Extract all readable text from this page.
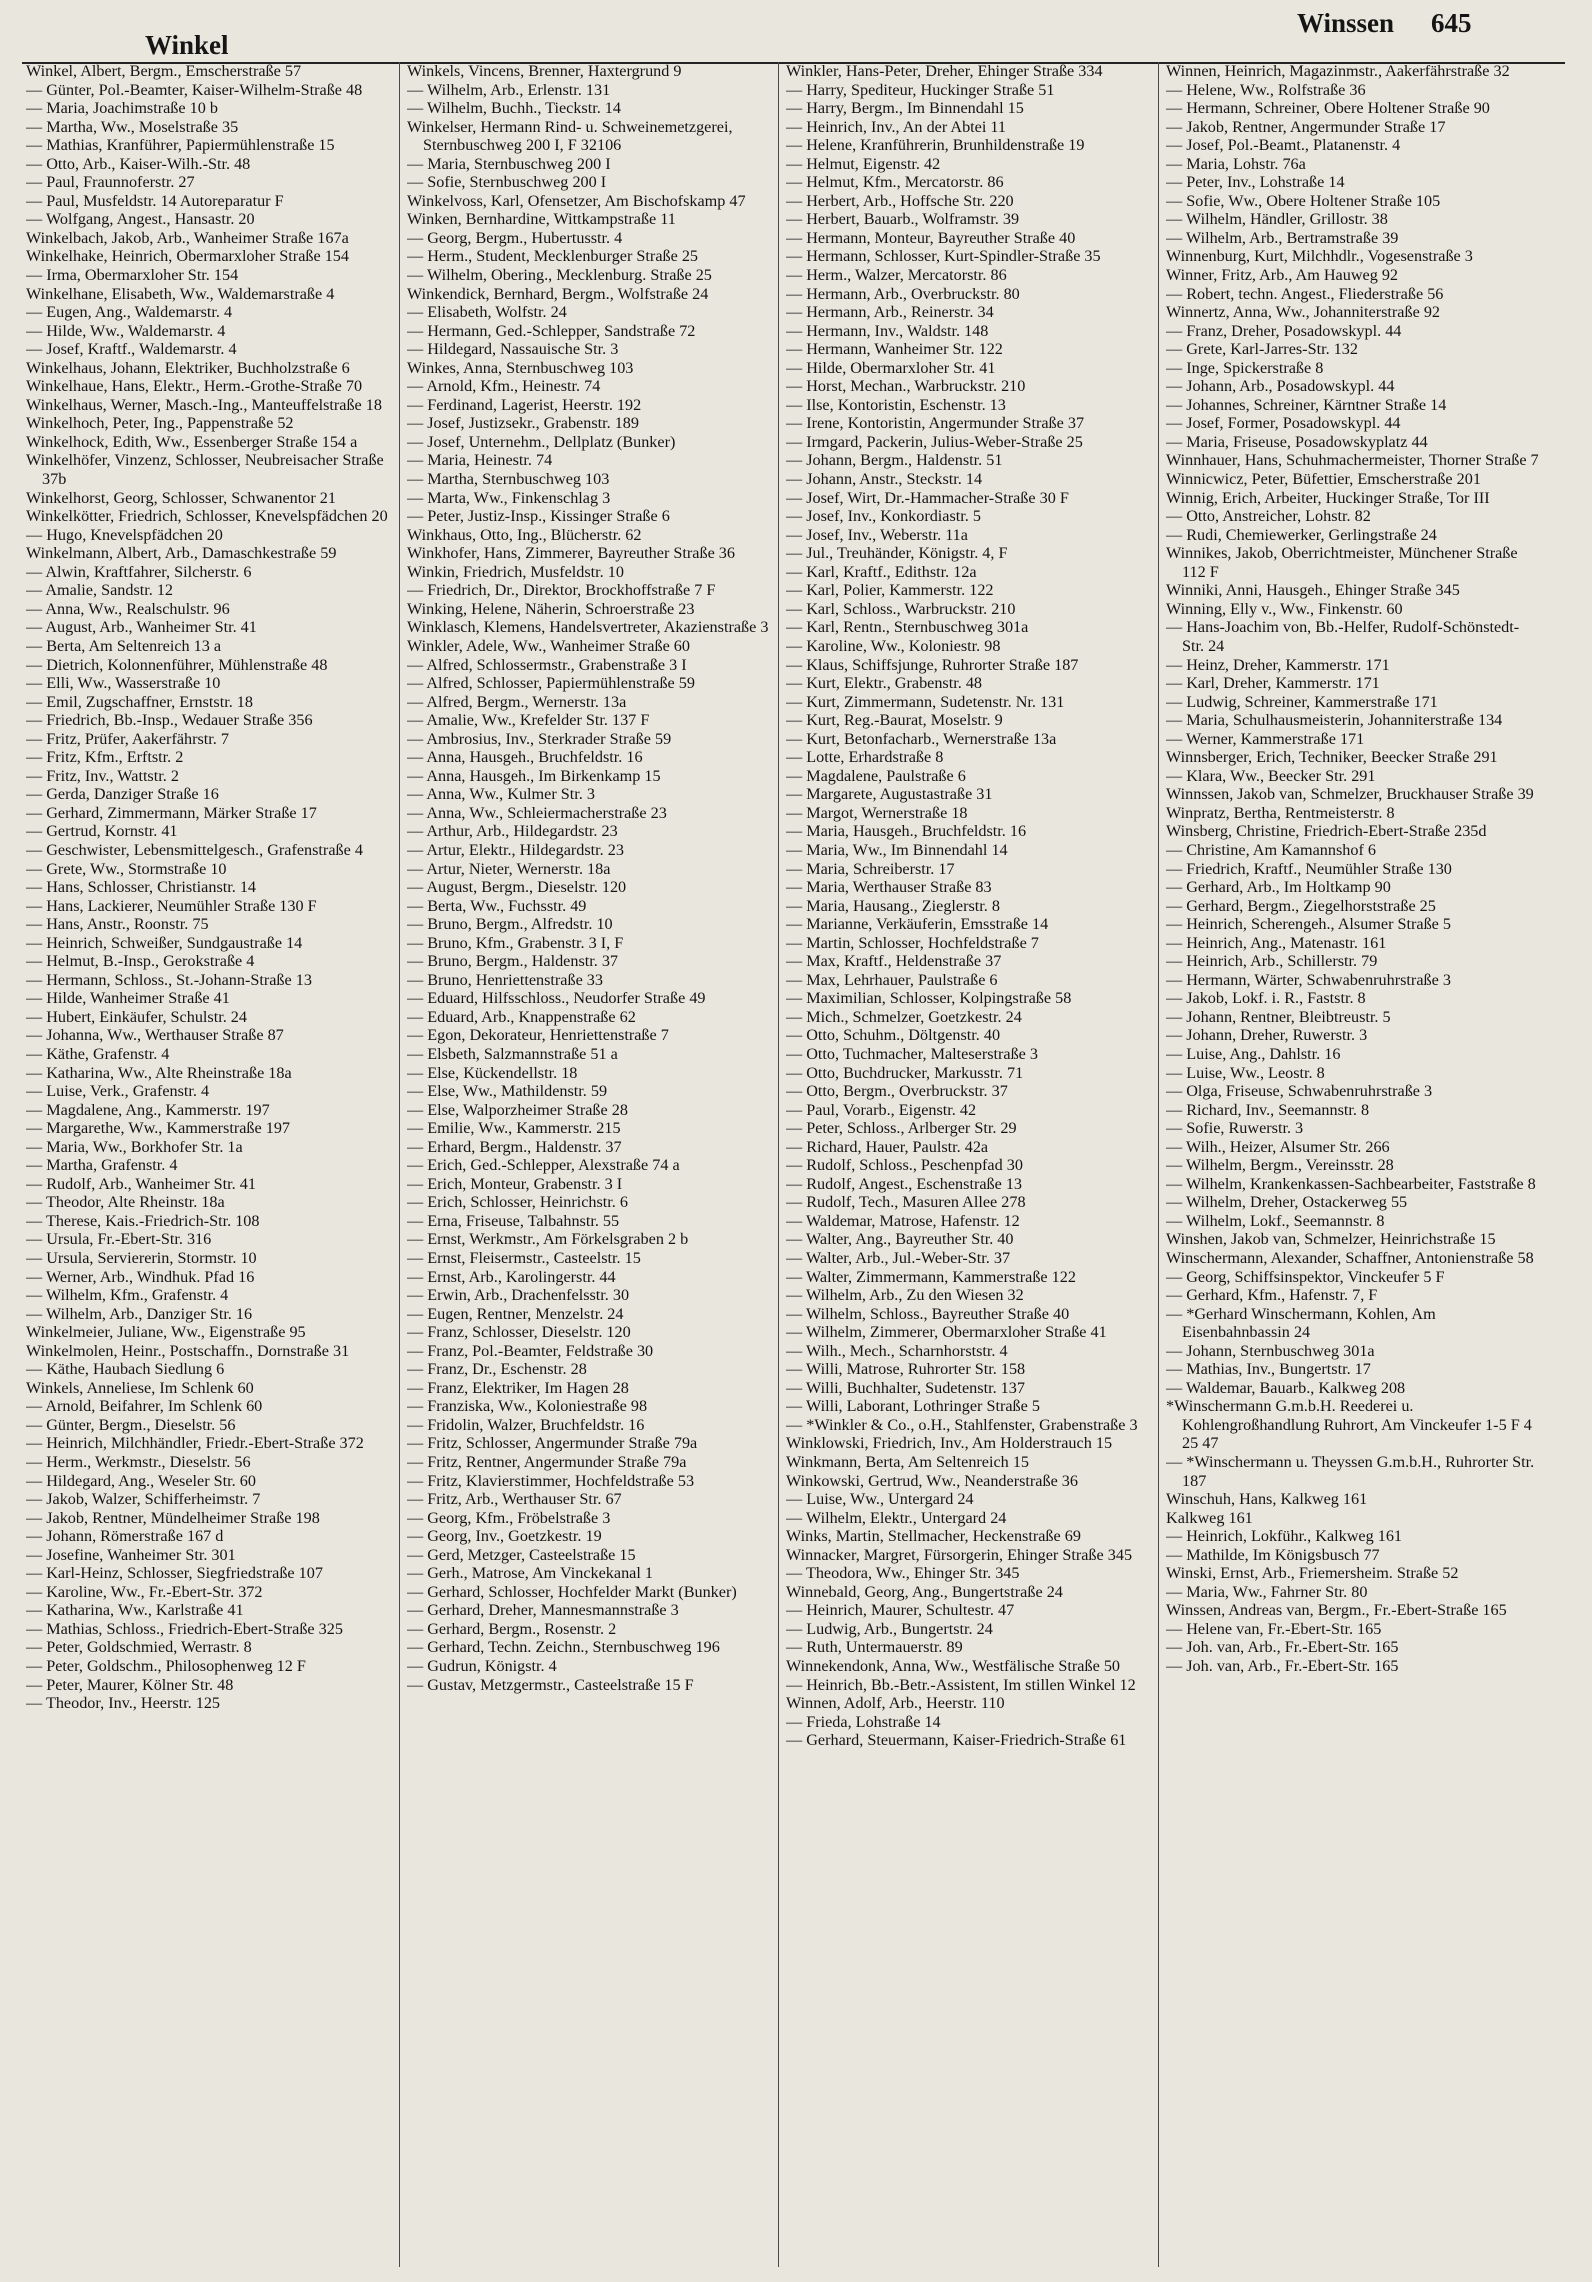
Winkel
Winssen 645

Winkel, Albert, Bergm., Emscherstraße 57

— Günter, Pol.-Beamter, Kaiser-Wilhelm-Straße 48

— Maria, Joachimstraße 10 b

— Martha, Ww., Moselstraße 35

— Mathias, Kranführer, Papiermühlenstraße 15

— Otto, Arb., Kaiser-Wilh.-Str. 48

— Paul, Fraunnoferstr. 27

— Paul, Musfeldstr. 14 Autoreparatur F

— Wolfgang, Angest., Hansastr. 20

Winkelbach, Jakob, Arb., Wanheimer Straße 167a

Winkelhake, Heinrich, Obermarxloher Straße 154

— Irma, Obermarxloher Str. 154

Winkelhane, Elisabeth, Ww., Waldemarstraße 4

— Eugen, Ang., Waldemarstr. 4

— Hilde, Ww., Waldemarstr. 4

— Josef, Kraftf., Waldemarstr. 4

Winkelhaus, Johann, Elektriker, Buchholzstraße 6

Winkelhaue, Hans, Elektr., Herm.-Grothe-Straße 70

Winkelhaus, Werner, Masch.-Ing., Manteuffelstraße 18

Winkelhoch, Peter, Ing., Pappenstraße 52

Winkelhock, Edith, Ww., Essenberger Straße 154 a

Winkelhöfer, Vinzenz, Schlosser, Neubreisacher Straße 37b

Winkelhorst, Georg, Schlosser, Schwanentor 21

Winkelkötter, Friedrich, Schlosser, Knevelspfädchen 20

— Hugo, Knevelspfädchen 20

Winkelmann, Albert, Arb., Damaschkestraße 59

— Alwin, Kraftfahrer, Silcherstr. 6

— Amalie, Sandstr. 12

— Anna, Ww., Realschulstr. 96

— August, Arb., Wanheimer Str. 41

— Berta, Am Seltenreich 13 a

— Dietrich, Kolonnenführer, Mühlenstraße 48

— Elli, Ww., Wasserstraße 10

— Emil, Zugschaffner, Ernststr. 18

— Friedrich, Bb.-Insp., Wedauer Straße 356

— Fritz, Prüfer, Aakerfährstr. 7

— Fritz, Kfm., Erftstr. 2

— Fritz, Inv., Wattstr. 2

— Gerda, Danziger Straße 16

— Gerhard, Zimmermann, Märker Straße 17

— Gertrud, Kornstr. 41

— Geschwister, Lebensmittelgesch., Grafenstraße 4

— Grete, Ww., Stormstraße 10

— Hans, Schlosser, Christianstr. 14

— Hans, Lackierer, Neumühler Straße 130 F

— Hans, Anstr., Roonstr. 75

— Heinrich, Schweißer, Sundgaustraße 14

— Helmut, B.-Insp., Gerokstraße 4

— Hermann, Schloss., St.-Johann-Straße 13

— Hilde, Wanheimer Straße 41

— Hubert, Einkäufer, Schulstr. 24

— Johanna, Ww., Werthauser Straße 87

— Käthe, Grafenstr. 4

— Katharina, Ww., Alte Rheinstraße 18a

— Luise, Verk., Grafenstr. 4

— Magdalene, Ang., Kammerstr. 197

— Margarethe, Ww., Kammerstraße 197

— Maria, Ww., Borkhofer Str. 1a

— Martha, Grafenstr. 4

— Rudolf, Arb., Wanheimer Str. 41

— Theodor, Alte Rheinstr. 18a

— Therese, Kais.-Friedrich-Str. 108

— Ursula, Fr.-Ebert-Str. 316

— Ursula, Serviererin, Stormstr. 10

— Werner, Arb., Windhuk. Pfad 16

— Wilhelm, Kfm., Grafenstr. 4

— Wilhelm, Arb., Danziger Str. 16

Winkelmeier, Juliane, Ww., Eigenstraße 95

Winkelmolen, Heinr., Postschaffn., Dornstraße 31

— Käthe, Haubach Siedlung 6

Winkels, Anneliese, Im Schlenk 60

— Arnold, Beifahrer, Im Schlenk 60

— Günter, Bergm., Dieselstr. 56

— Heinrich, Milchhändler, Friedr.-Ebert-Straße 372

— Herm., Werkmstr., Dieselstr. 56

— Hildegard, Ang., Weseler Str. 60

— Jakob, Walzer, Schifferheimstr. 7

— Jakob, Rentner, Mündelheimer Straße 198

— Johann, Römerstraße 167 d

— Josefine, Wanheimer Str. 301

— Karl-Heinz, Schlosser, Siegfriedstraße 107

— Karoline, Ww., Fr.-Ebert-Str. 372

— Katharina, Ww., Karlstraße 41

— Mathias, Schloss., Friedrich-Ebert-Straße 325

— Peter, Goldschmied, Werrastr. 8

— Peter, Goldschm., Philosophenweg 12 F

— Peter, Maurer, Kölner Str. 48

— Theodor, Inv., Heerstr. 125

Winkels, Vincens, Brenner, Haxtergrund 9

— Wilhelm, Arb., Erlenstr. 131

— Wilhelm, Buchh., Tieckstr. 14

Winkelser, Hermann Rind- u. Schweinemetzgerei, Sternbuschweg 200 I, F 32106

— Maria, Sternbuschweg 200 I

— Sofie, Sternbuschweg 200 I

Winkelvoss, Karl, Ofensetzer, Am Bischofskamp 47

Winken, Bernhardine, Wittkampstraße 11

— Georg, Bergm., Hubertusstr. 4

— Herm., Student, Mecklenburger Straße 25

— Wilhelm, Obering., Mecklenburg. Straße 25

Winkendick, Bernhard, Bergm., Wolfstraße 24

— Elisabeth, Wolfstr. 24

— Hermann, Ged.-Schlepper, Sandstraße 72

— Hildegard, Nassauische Str. 3

Winkes, Anna, Sternbuschweg 103

— Arnold, Kfm., Heinestr. 74

— Ferdinand, Lagerist, Heerstr. 192

— Josef, Justizsekr., Grabenstr. 189

— Josef, Unternehm., Dellplatz (Bunker)

— Maria, Heinestr. 74

— Martha, Sternbuschweg 103

— Marta, Ww., Finkenschlag 3

— Peter, Justiz-Insp., Kissinger Straße 6

Winkhaus, Otto, Ing., Blücherstr. 62

Winkhofer, Hans, Zimmerer, Bayreuther Straße 36

Winkin, Friedrich, Musfeldstr. 10

— Friedrich, Dr., Direktor, Brockhoffstraße 7 F

Winking, Helene, Näherin, Schroerstraße 23

Winklasch, Klemens, Handelsvertreter, Akazienstraße 3

Winkler, Adele, Ww., Wanheimer Straße 60

— Alfred, Schlossermstr., Grabenstraße 3 I

— Alfred, Schlosser, Papiermühlenstraße 59

— Alfred, Bergm., Wernerstr. 13a

— Amalie, Ww., Krefelder Str. 137 F

— Ambrosius, Inv., Sterkrader Straße 59

— Anna, Hausgeh., Bruchfeldstr. 16

— Anna, Hausgeh., Im Birkenkamp 15

— Anna, Ww., Kulmer Str. 3

— Anna, Ww., Schleiermacherstraße 23

— Arthur, Arb., Hildegardstr. 23

— Artur, Elektr., Hildegardstr. 23

— Artur, Nieter, Wernerstr. 18a

— August, Bergm., Dieselstr. 120

— Berta, Ww., Fuchsstr. 49

— Bruno, Bergm., Alfredstr. 10

— Bruno, Kfm., Grabenstr. 3 I, F

— Bruno, Bergm., Haldenstr. 37

— Bruno, Henriettenstraße 33

— Eduard, Hilfsschloss., Neudorfer Straße 49

— Eduard, Arb., Knappenstraße 62

— Egon, Dekorateur, Henriettenstraße 7

— Elsbeth, Salzmannstraße 51 a

— Else, Kückendellstr. 18

— Else, Ww., Mathildenstr. 59

— Else, Walporzheimer Straße 28

— Emilie, Ww., Kammerstr. 215

— Erhard, Bergm., Haldenstr. 37

— Erich, Ged.-Schlepper, Alexstraße 74 a

— Erich, Monteur, Grabenstr. 3 I

— Erich, Schlosser, Heinrichstr. 6

— Erna, Friseuse, Talbahnstr. 55

— Ernst, Werkmstr., Am Förkelsgraben 2 b

— Ernst, Fleisermstr., Casteelstr. 15

— Ernst, Arb., Karolingerstr. 44

— Erwin, Arb., Drachenfelsstr. 30

— Eugen, Rentner, Menzelstr. 24

— Franz, Schlosser, Dieselstr. 120

— Franz, Pol.-Beamter, Feldstraße 30

— Franz, Dr., Eschenstr. 28

— Franz, Elektriker, Im Hagen 28

— Franziska, Ww., Koloniestraße 98

— Fridolin, Walzer, Bruchfeldstr. 16

— Fritz, Schlosser, Angermunder Straße 79a

— Fritz, Rentner, Angermunder Straße 79a

— Fritz, Klavierstimmer, Hochfeldstraße 53

— Fritz, Arb., Werthauser Str. 67

— Georg, Kfm., Fröbelstraße 3

— Georg, Inv., Goetzkestr. 19

— Gerd, Metzger, Casteelstraße 15

— Gerh., Matrose, Am Vinckekanal 1

— Gerhard, Schlosser, Hochfelder Markt (Bunker)

— Gerhard, Dreher, Mannesmannstraße 3

— Gerhard, Bergm., Rosenstr. 2

— Gerhard, Techn. Zeichn., Sternbuschweg 196

— Gudrun, Königstr. 4

— Gustav, Metzgermstr., Casteelstraße 15 F

Winkler, Hans-Peter, Dreher, Ehinger Straße 334

— Harry, Spediteur, Huckinger Straße 51

— Harry, Bergm., Im Binnendahl 15

— Heinrich, Inv., An der Abtei 11

— Helene, Kranführerin, Brunhildenstraße 19

— Helmut, Eigenstr. 42

— Helmut, Kfm., Mercatorstr. 86

— Herbert, Arb., Hoffsche Str. 220

— Herbert, Bauarb., Wolframstr. 39

— Hermann, Monteur, Bayreuther Straße 40

— Hermann, Schlosser, Kurt-Spindler-Straße 35

— Herm., Walzer, Mercatorstr. 86

— Hermann, Arb., Overbruckstr. 80

— Hermann, Arb., Reinerstr. 34

— Hermann, Inv., Waldstr. 148

— Hermann, Wanheimer Str. 122

— Hilde, Obermarxloher Str. 41

— Horst, Mechan., Warbruckstr. 210

— Ilse, Kontoristin, Eschenstr. 13

— Irene, Kontoristin, Angermunder Straße 37

— Irmgard, Packerin, Julius-Weber-Straße 25

— Johann, Bergm., Haldenstr. 51

— Johann, Anstr., Steckstr. 14

— Josef, Wirt, Dr.-Hammacher-Straße 30 F

— Josef, Inv., Konkordiastr. 5

— Josef, Inv., Weberstr. 11a

— Jul., Treuhänder, Königstr. 4, F

— Karl, Kraftf., Edithstr. 12a

— Karl, Polier, Kammerstr. 122

— Karl, Schloss., Warbruckstr. 210

— Karl, Rentn., Sternbuschweg 301a

— Karoline, Ww., Koloniestr. 98

— Klaus, Schiffsjunge, Ruhrorter Straße 187

— Kurt, Elektr., Grabenstr. 48

— Kurt, Zimmermann, Sudetenstr. Nr. 131

— Kurt, Reg.-Baurat, Moselstr. 9

— Kurt, Betonfacharb., Wernerstraße 13a

— Lotte, Erhardstraße 8

— Magdalene, Paulstraße 6

— Margarete, Augustastraße 31

— Margot, Wernerstraße 18

— Maria, Hausgeh., Bruchfeldstr. 16

— Maria, Ww., Im Binnendahl 14

— Maria, Schreiberstr. 17

— Maria, Werthauser Straße 83

— Maria, Hausang., Zieglerstr. 8

— Marianne, Verkäuferin, Emsstraße 14

— Martin, Schlosser, Hochfeldstraße 7

— Max, Kraftf., Heldenstraße 37

— Max, Lehrhauer, Paulstraße 6

— Maximilian, Schlosser, Kolpingstraße 58

— Mich., Schmelzer, Goetzkestr. 24

— Otto, Schuhm., Döltgenstr. 40

— Otto, Tuchmacher, Malteserstraße 3

— Otto, Buchdrucker, Markusstr. 71

— Otto, Bergm., Overbruckstr. 37

— Paul, Vorarb., Eigenstr. 42

— Peter, Schloss., Arlberger Str. 29

— Richard, Hauer, Paulstr. 42a

— Rudolf, Schloss., Peschenpfad 30

— Rudolf, Angest., Eschenstraße 13

— Rudolf, Tech., Masuren Allee 278

— Waldemar, Matrose, Hafenstr. 12

— Walter, Ang., Bayreuther Str. 40

— Walter, Arb., Jul.-Weber-Str. 37

— Walter, Zimmermann, Kammerstraße 122

— Wilhelm, Arb., Zu den Wiesen 32

— Wilhelm, Schloss., Bayreuther Straße 40

— Wilhelm, Zimmerer, Obermarxloher Straße 41

— Wilh., Mech., Scharnhorststr. 4

— Willi, Matrose, Ruhrorter Str. 158

— Willi, Buchhalter, Sudetenstr. 137

— Willi, Laborant, Lothringer Straße 5

— *Winkler & Co., o.H., Stahlfenster, Grabenstraße 3

Winklowski, Friedrich, Inv., Am Holderstrauch 15

Winkmann, Berta, Am Seltenreich 15

Winkowski, Gertrud, Ww., Neanderstraße 36

— Luise, Ww., Untergard 24

— Wilhelm, Elektr., Untergard 24

Winks, Martin, Stellmacher, Heckenstraße 69

Winnacker, Margret, Fürsorgerin, Ehinger Straße 345

— Theodora, Ww., Ehinger Str. 345

Winnebald, Georg, Ang., Bungertstraße 24

— Heinrich, Maurer, Schultestr. 47

— Ludwig, Arb., Bungertstr. 24

— Ruth, Untermauerstr. 89

Winnekendonk, Anna, Ww., Westfälische Straße 50

— Heinrich, Bb.-Betr.-Assistent, Im stillen Winkel 12

Winnen, Adolf, Arb., Heerstr. 110

— Frieda, Lohstraße 14

— Gerhard, Steuermann, Kaiser-Friedrich-Straße 61

Winnen, Heinrich, Magazinmstr., Aakerfährstraße 32

— Helene, Ww., Rolfstraße 36

— Hermann, Schreiner, Obere Holtener Straße 90

— Jakob, Rentner, Angermunder Straße 17

— Josef, Pol.-Beamt., Platanenstr. 4

— Maria, Lohstr. 76a

— Peter, Inv., Lohstraße 14

— Sofie, Ww., Obere Holtener Straße 105

— Wilhelm, Händler, Grillostr. 38

— Wilhelm, Arb., Bertramstraße 39

Winnenburg, Kurt, Milchhdlr., Vogesenstraße 3

Winner, Fritz, Arb., Am Hauweg 92

— Robert, techn. Angest., Fliederstraße 56

Winnertz, Anna, Ww., Johanniterstraße 92

— Franz, Dreher, Posadowskypl. 44

— Grete, Karl-Jarres-Str. 132

— Inge, Spickerstraße 8

— Johann, Arb., Posadowskypl. 44

— Johannes, Schreiner, Kärntner Straße 14

— Josef, Former, Posadowskypl. 44

— Maria, Friseuse, Posadowskyplatz 44

Winnhauer, Hans, Schuhmachermeister, Thorner Straße 7

Winnicwicz, Peter, Büfettier, Emscherstraße 201

Winnig, Erich, Arbeiter, Huckinger Straße, Tor III

— Otto, Anstreicher, Lohstr. 82

— Rudi, Chemiewerker, Gerlingstraße 24

Winnikes, Jakob, Oberrichtmeister, Münchener Straße 112 F

Winniki, Anni, Hausgeh., Ehinger Straße 345

Winning, Elly v., Ww., Finkenstr. 60

— Hans-Joachim von, Bb.-Helfer, Rudolf-Schönstedt-Str. 24

— Heinz, Dreher, Kammerstr. 171

— Karl, Dreher, Kammerstr. 171

— Ludwig, Schreiner, Kammerstraße 171

— Maria, Schulhausmeisterin, Johanniterstraße 134

— Werner, Kammerstraße 171

Winnsberger, Erich, Techniker, Beecker Straße 291

— Klara, Ww., Beecker Str. 291

Winnssen, Jakob van, Schmelzer, Bruckhauser Straße 39

Winpratz, Bertha, Rentmeisterstr. 8

Winsberg, Christine, Friedrich-Ebert-Straße 235d

— Christine, Am Kamannshof 6

— Friedrich, Kraftf., Neumühler Straße 130

— Gerhard, Arb., Im Holtkamp 90

— Gerhard, Bergm., Ziegelhorststraße 25

— Heinrich, Scherengeh., Alsumer Straße 5

— Heinrich, Ang., Matenastr. 161

— Heinrich, Arb., Schillerstr. 79

— Hermann, Wärter, Schwabenruhrstraße 3

— Jakob, Lokf. i. R., Faststr. 8

— Johann, Rentner, Bleibtreustr. 5

— Johann, Dreher, Ruwerstr. 3

— Luise, Ang., Dahlstr. 16

— Luise, Ww., Leostr. 8

— Olga, Friseuse, Schwabenruhrstraße 3

— Richard, Inv., Seemannstr. 8

— Sofie, Ruwerstr. 3

— Wilh., Heizer, Alsumer Str. 266

— Wilhelm, Bergm., Vereinsstr. 28

— Wilhelm, Krankenkassen-Sachbearbeiter, Faststraße 8

— Wilhelm, Dreher, Ostackerweg 55

— Wilhelm, Lokf., Seemannstr. 8

Winshen, Jakob van, Schmelzer, Heinrichstraße 15

Winschermann, Alexander, Schaffner, Antonienstraße 58

— Georg, Schiffsinspektor, Vinckeufer 5 F

— Gerhard, Kfm., Hafenstr. 7, F

— *Gerhard Winschermann, Kohlen, Am Eisenbahnbassin 24

— Johann, Sternbuschweg 301a

— Mathias, Inv., Bungertstr. 17

— Waldemar, Bauarb., Kalkweg 208

*Winschermann G.m.b.H. Reederei u. Kohlengroßhandlung Ruhrort, Am Vinckeufer 1-5 F 4 25 47

— *Winschermann u. Theyssen G.m.b.H., Ruhrorter Str. 187

Winschuh, Hans, Kalkweg 161

Kalkweg 161

— Heinrich, Lokführ., Kalkweg 161

— Mathilde, Im Königsbusch 77

Winski, Ernst, Arb., Friemersheim. Straße 52

— Maria, Ww., Fahrner Str. 80

Winssen, Andreas van, Bergm., Fr.-Ebert-Straße 165

— Helene van, Fr.-Ebert-Str. 165

— Joh. van, Arb., Fr.-Ebert-Str. 165

— Joh. van, Arb., Fr.-Ebert-Str. 165
